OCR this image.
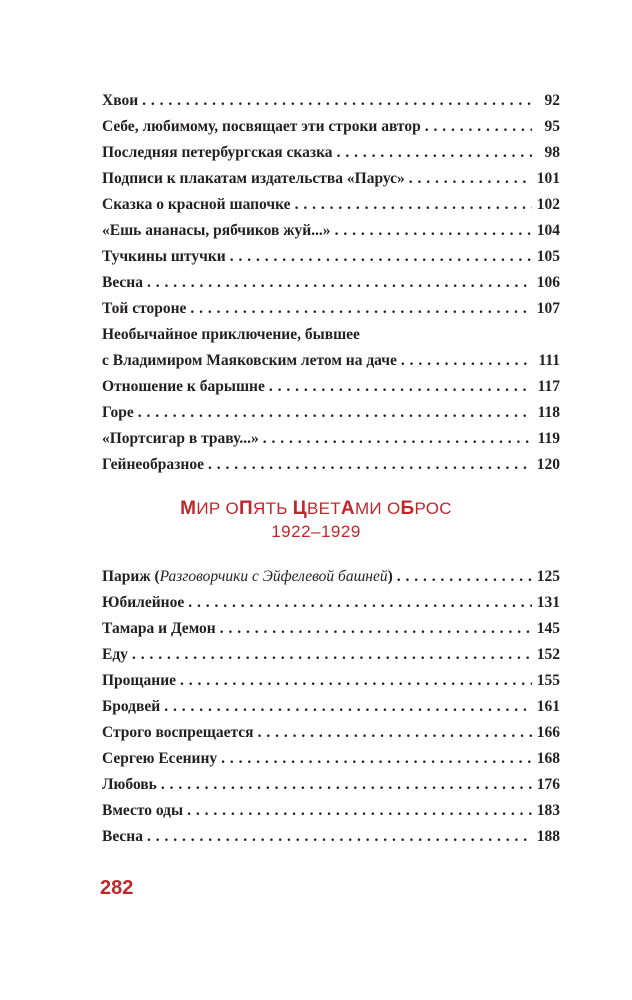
Хвои . . .	92
Себе, любимому, посвящает эти строки автор . . .	95
Последняя петербургская сказка . . .	98
Подписи к плакатам издательства «Парус» . . .	101
Сказка о красной шапочке . . .	102
«Ешь ананасы, рябчиков жуй...» . . .	104
Тучкины штучки . . .	105
Весна . . .	106
Той стороне . . .	107
Необычайное приключение, бывшее
с Владимиром Маяковским летом на даче . . .	111
Отношение к барышне . . .	117
Горе . . .	118
«Портсигар в траву...» . . .	119
Гейнеобразное . . .	120
МИР ОПЯТЬ ЦВЕТАМИ ОБРОС
1922–1929
Париж (Разговорчики с Эйфелевой башней) . . .	125
Юбилейное . . .	131
Тамара и Демон . . .	145
Еду . . .	152
Прощание . . .	155
Бродвей . . .	161
Строго воспрещается . . .	166
Сергею Есенину . . .	168
Любовь . . .	176
Вместо оды . . .	183
Весна . . .	188
282
